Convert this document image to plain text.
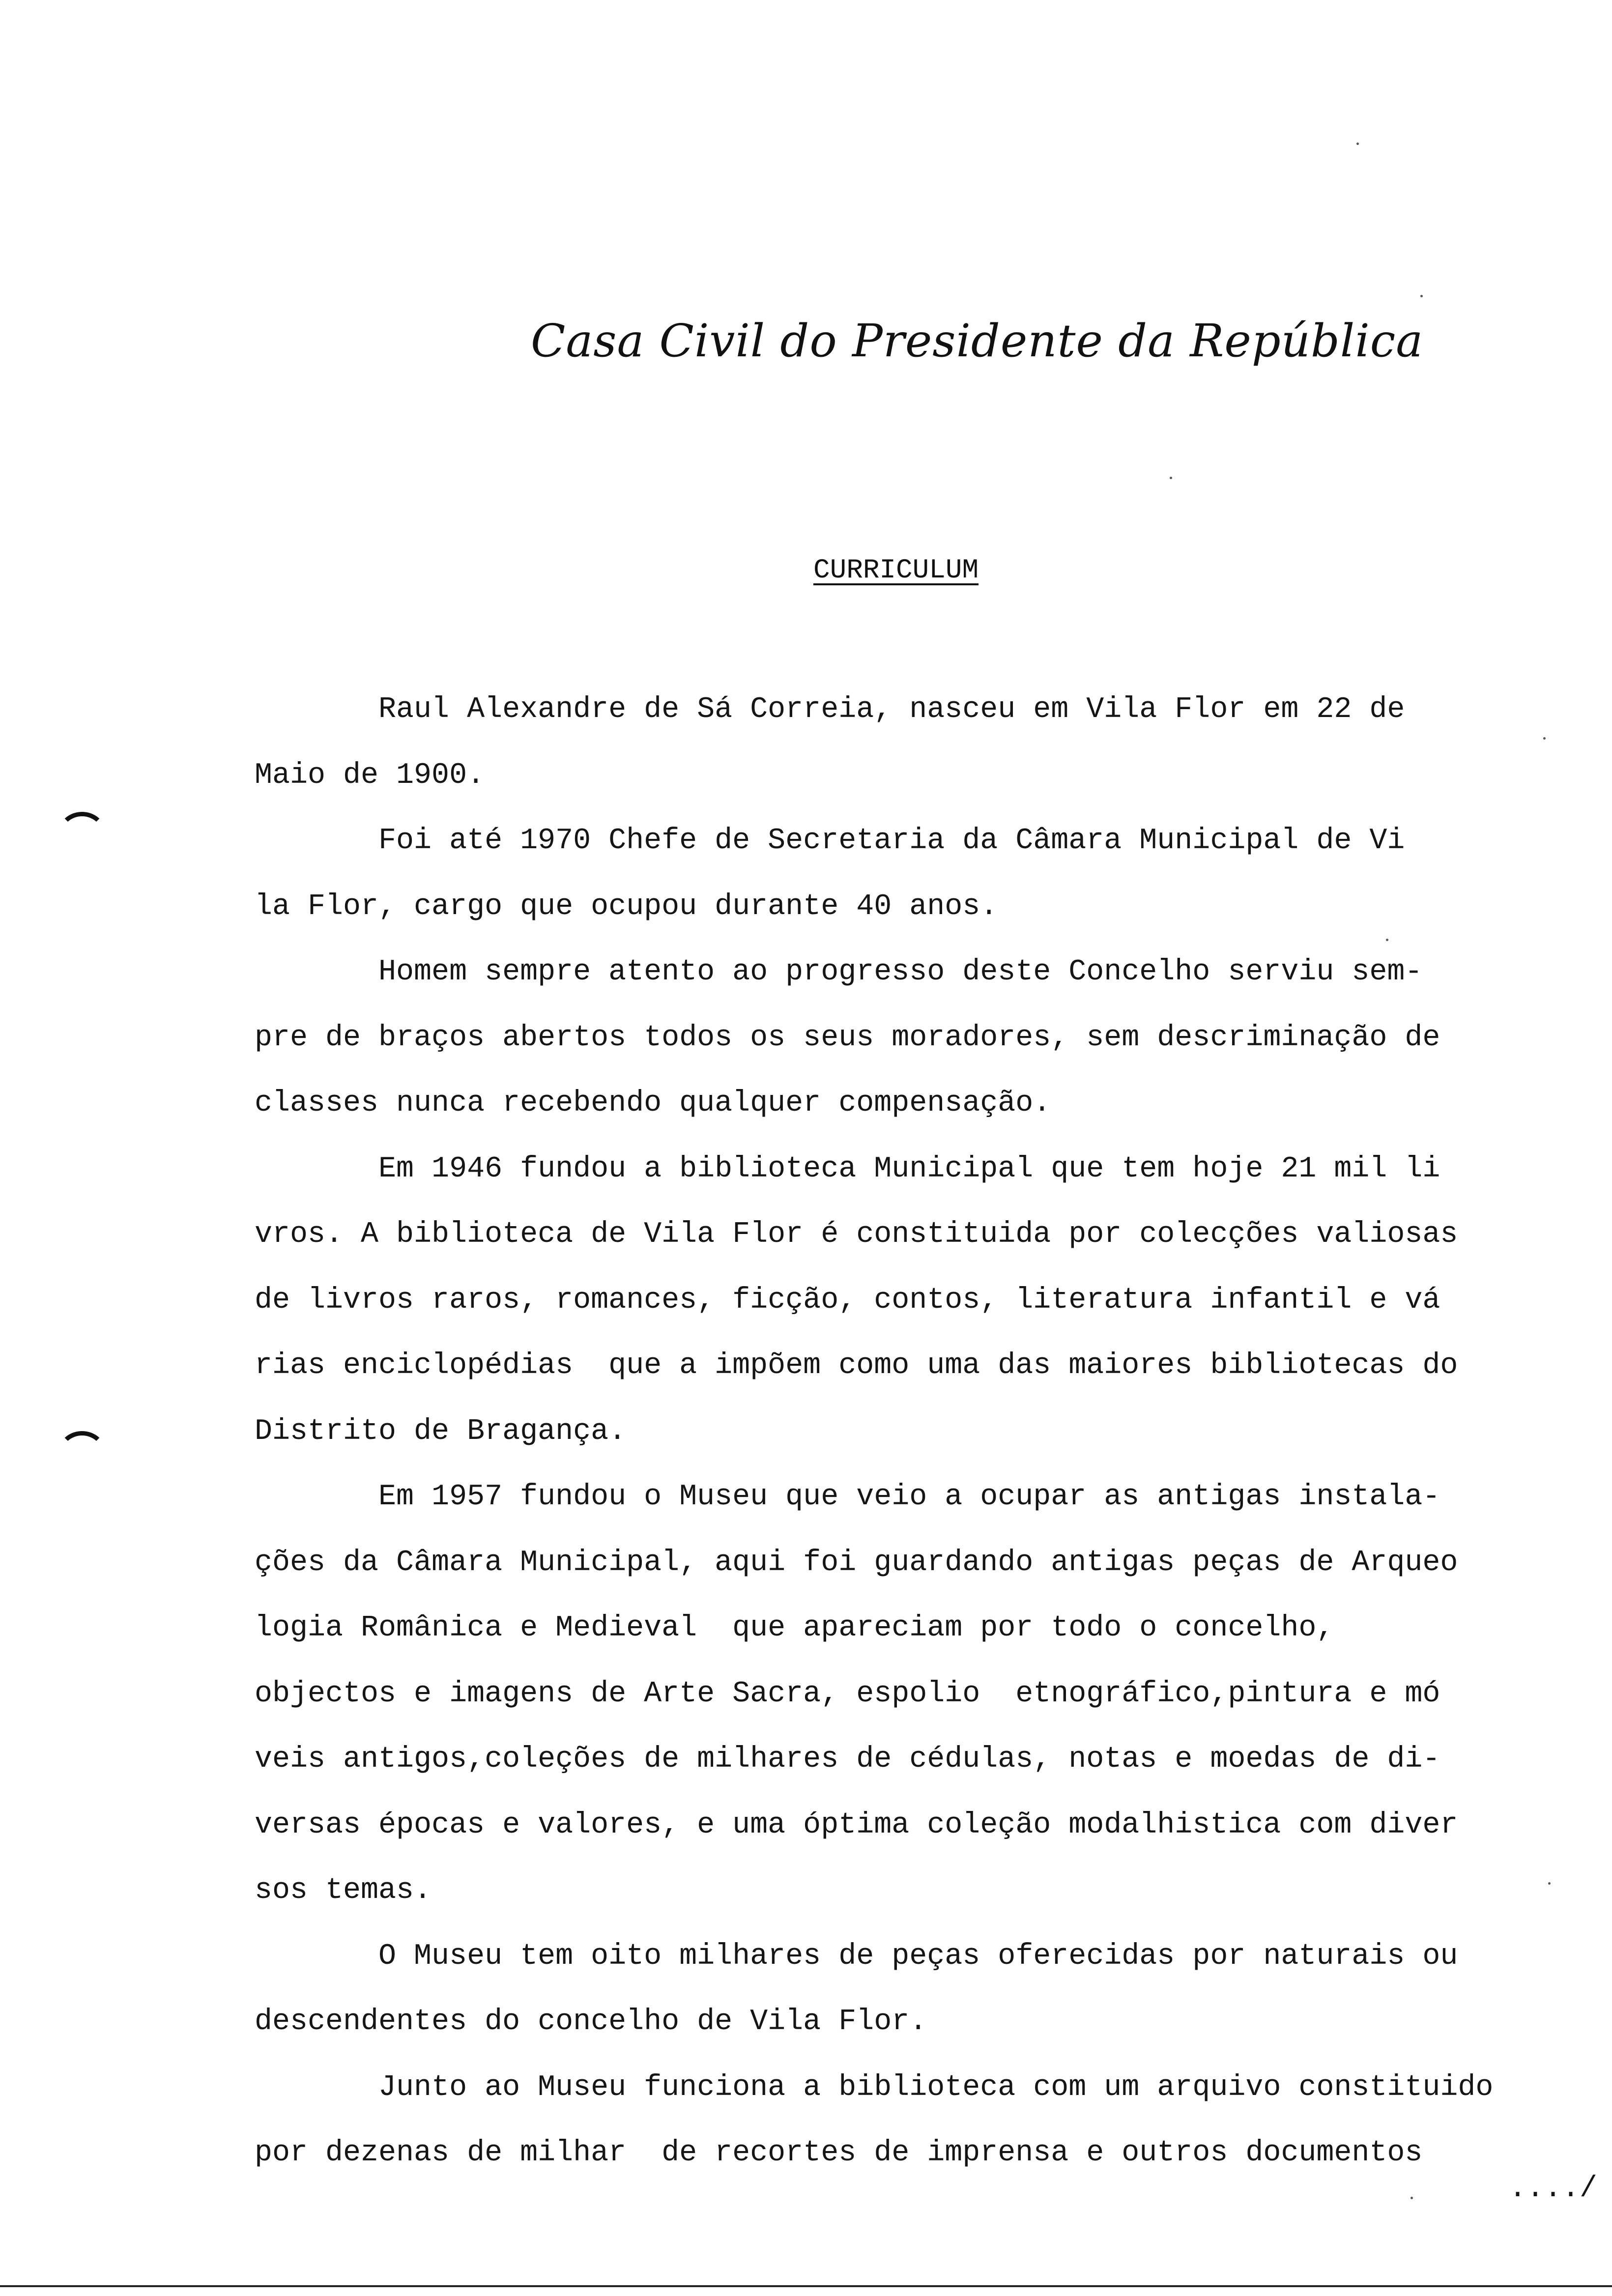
Casa Civil do Presidente da República
CURRICULUM
Raul Alexandre de Sá Correia, nasceu em Vila Flor em 22 de
Maio de 1900.
Foi até 1970 Chefe de Secretaria da Câmara Municipal de Vi
la Flor, cargo que ocupou durante 40 anos.
Homem sempre atento ao progresso deste Concelho serviu sem-
pre de braços abertos todos os seus moradores, sem descriminação de
classes nunca recebendo qualquer compensação.
Em 1946 fundou a biblioteca Municipal que tem hoje 21 mil li
vros. A biblioteca de Vila Flor é constituida por colecções valiosas
de livros raros, romances, ficção, contos, literatura infantil e vá
rias enciclopédias  que a impõem como uma das maiores bibliotecas do
Distrito de Bragança.
Em 1957 fundou o Museu que veio a ocupar as antigas instala-
ções da Câmara Municipal, aqui foi guardando antigas peças de Arqueo
logia Românica e Medieval  que apareciam por todo o concelho,
objectos e imagens de Arte Sacra, espolio  etnográfico,pintura e mó
veis antigos,coleções de milhares de cédulas, notas e moedas de di-
versas épocas e valores, e uma óptima coleção modalhistica com diver
sos temas.
O Museu tem oito milhares de peças oferecidas por naturais ou
descendentes do concelho de Vila Flor.
Junto ao Museu funciona a biblioteca com um arquivo constituido
por dezenas de milhar  de recortes de imprensa e outros documentos
..../
